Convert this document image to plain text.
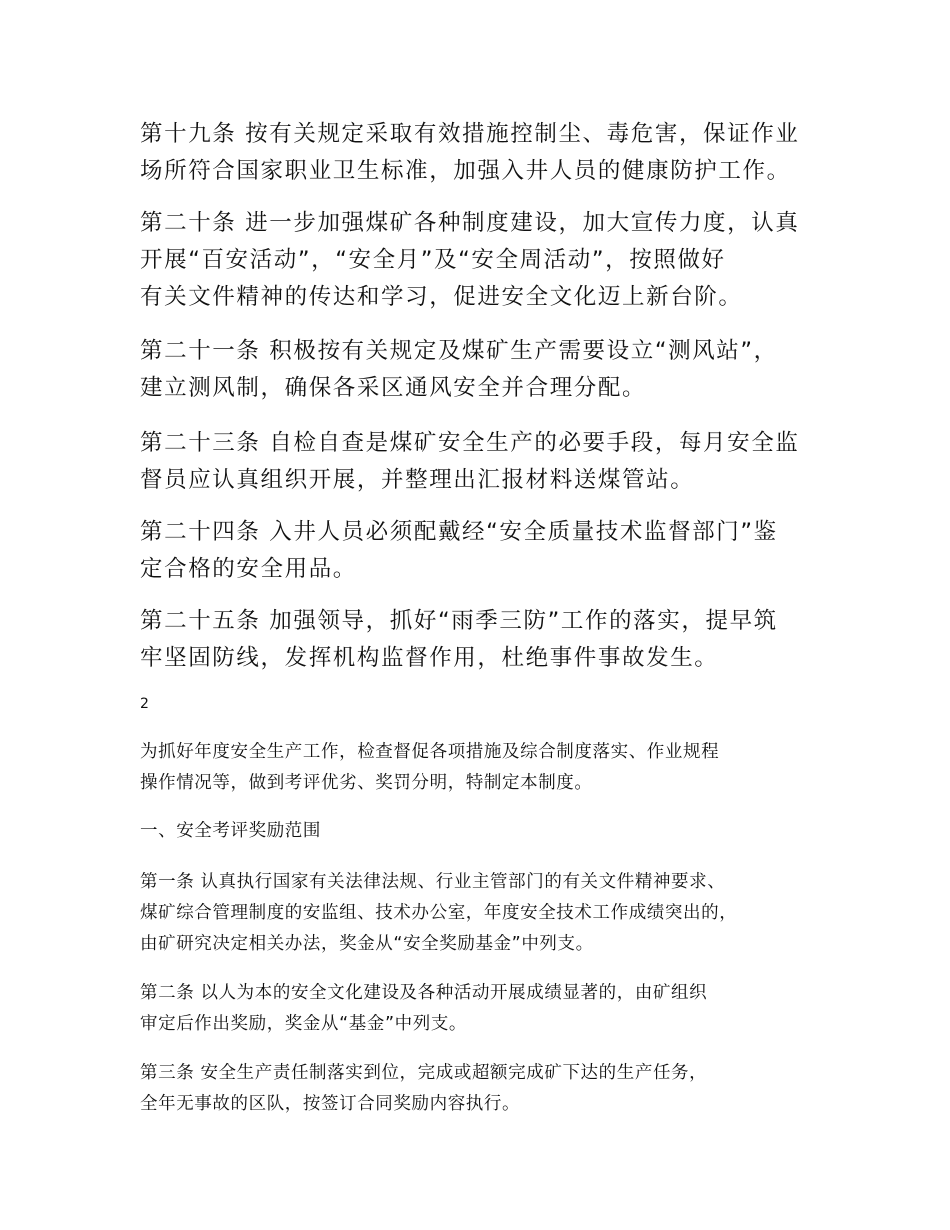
第十九条 按有关规定采取有效措施控制尘、毒危害，保证作业
场所符合国家职业卫生标准，加强入井人员的健康防护工作。
第二十条 进一步加强煤矿各种制度建设，加大宣传力度，认真
开展“百安活动”，“安全月”及“安全周活动”，按照做好
有关文件精神的传达和学习，促进安全文化迈上新台阶。
第二十一条 积极按有关规定及煤矿生产需要设立“测风站”，
建立测风制，确保各采区通风安全并合理分配。
第二十三条 自检自查是煤矿安全生产的必要手段，每月安全监
督员应认真组织开展，并整理出汇报材料送煤管站。
第二十四条 入井人员必须配戴经“安全质量技术监督部门”鉴
定合格的安全用品。
第二十五条 加强领导，抓好“雨季三防”工作的落实，提早筑
牢坚固防线，发挥机构监督作用，杜绝事件事故发生。
2
为抓好年度安全生产工作，检查督促各项措施及综合制度落实、作业规程
操作情况等，做到考评优劣、奖罚分明，特制定本制度。
一、安全考评奖励范围
第一条 认真执行国家有关法律法规、行业主管部门的有关文件精神要求、
煤矿综合管理制度的安监组、技术办公室，年度安全技术工作成绩突出的，
由矿研究决定相关办法，奖金从“安全奖励基金”中列支。
第二条 以人为本的安全文化建设及各种活动开展成绩显著的，由矿组织
审定后作出奖励，奖金从“基金”中列支。
第三条 安全生产责任制落实到位，完成或超额完成矿下达的生产任务，
全年无事故的区队，按签订合同奖励内容执行。
